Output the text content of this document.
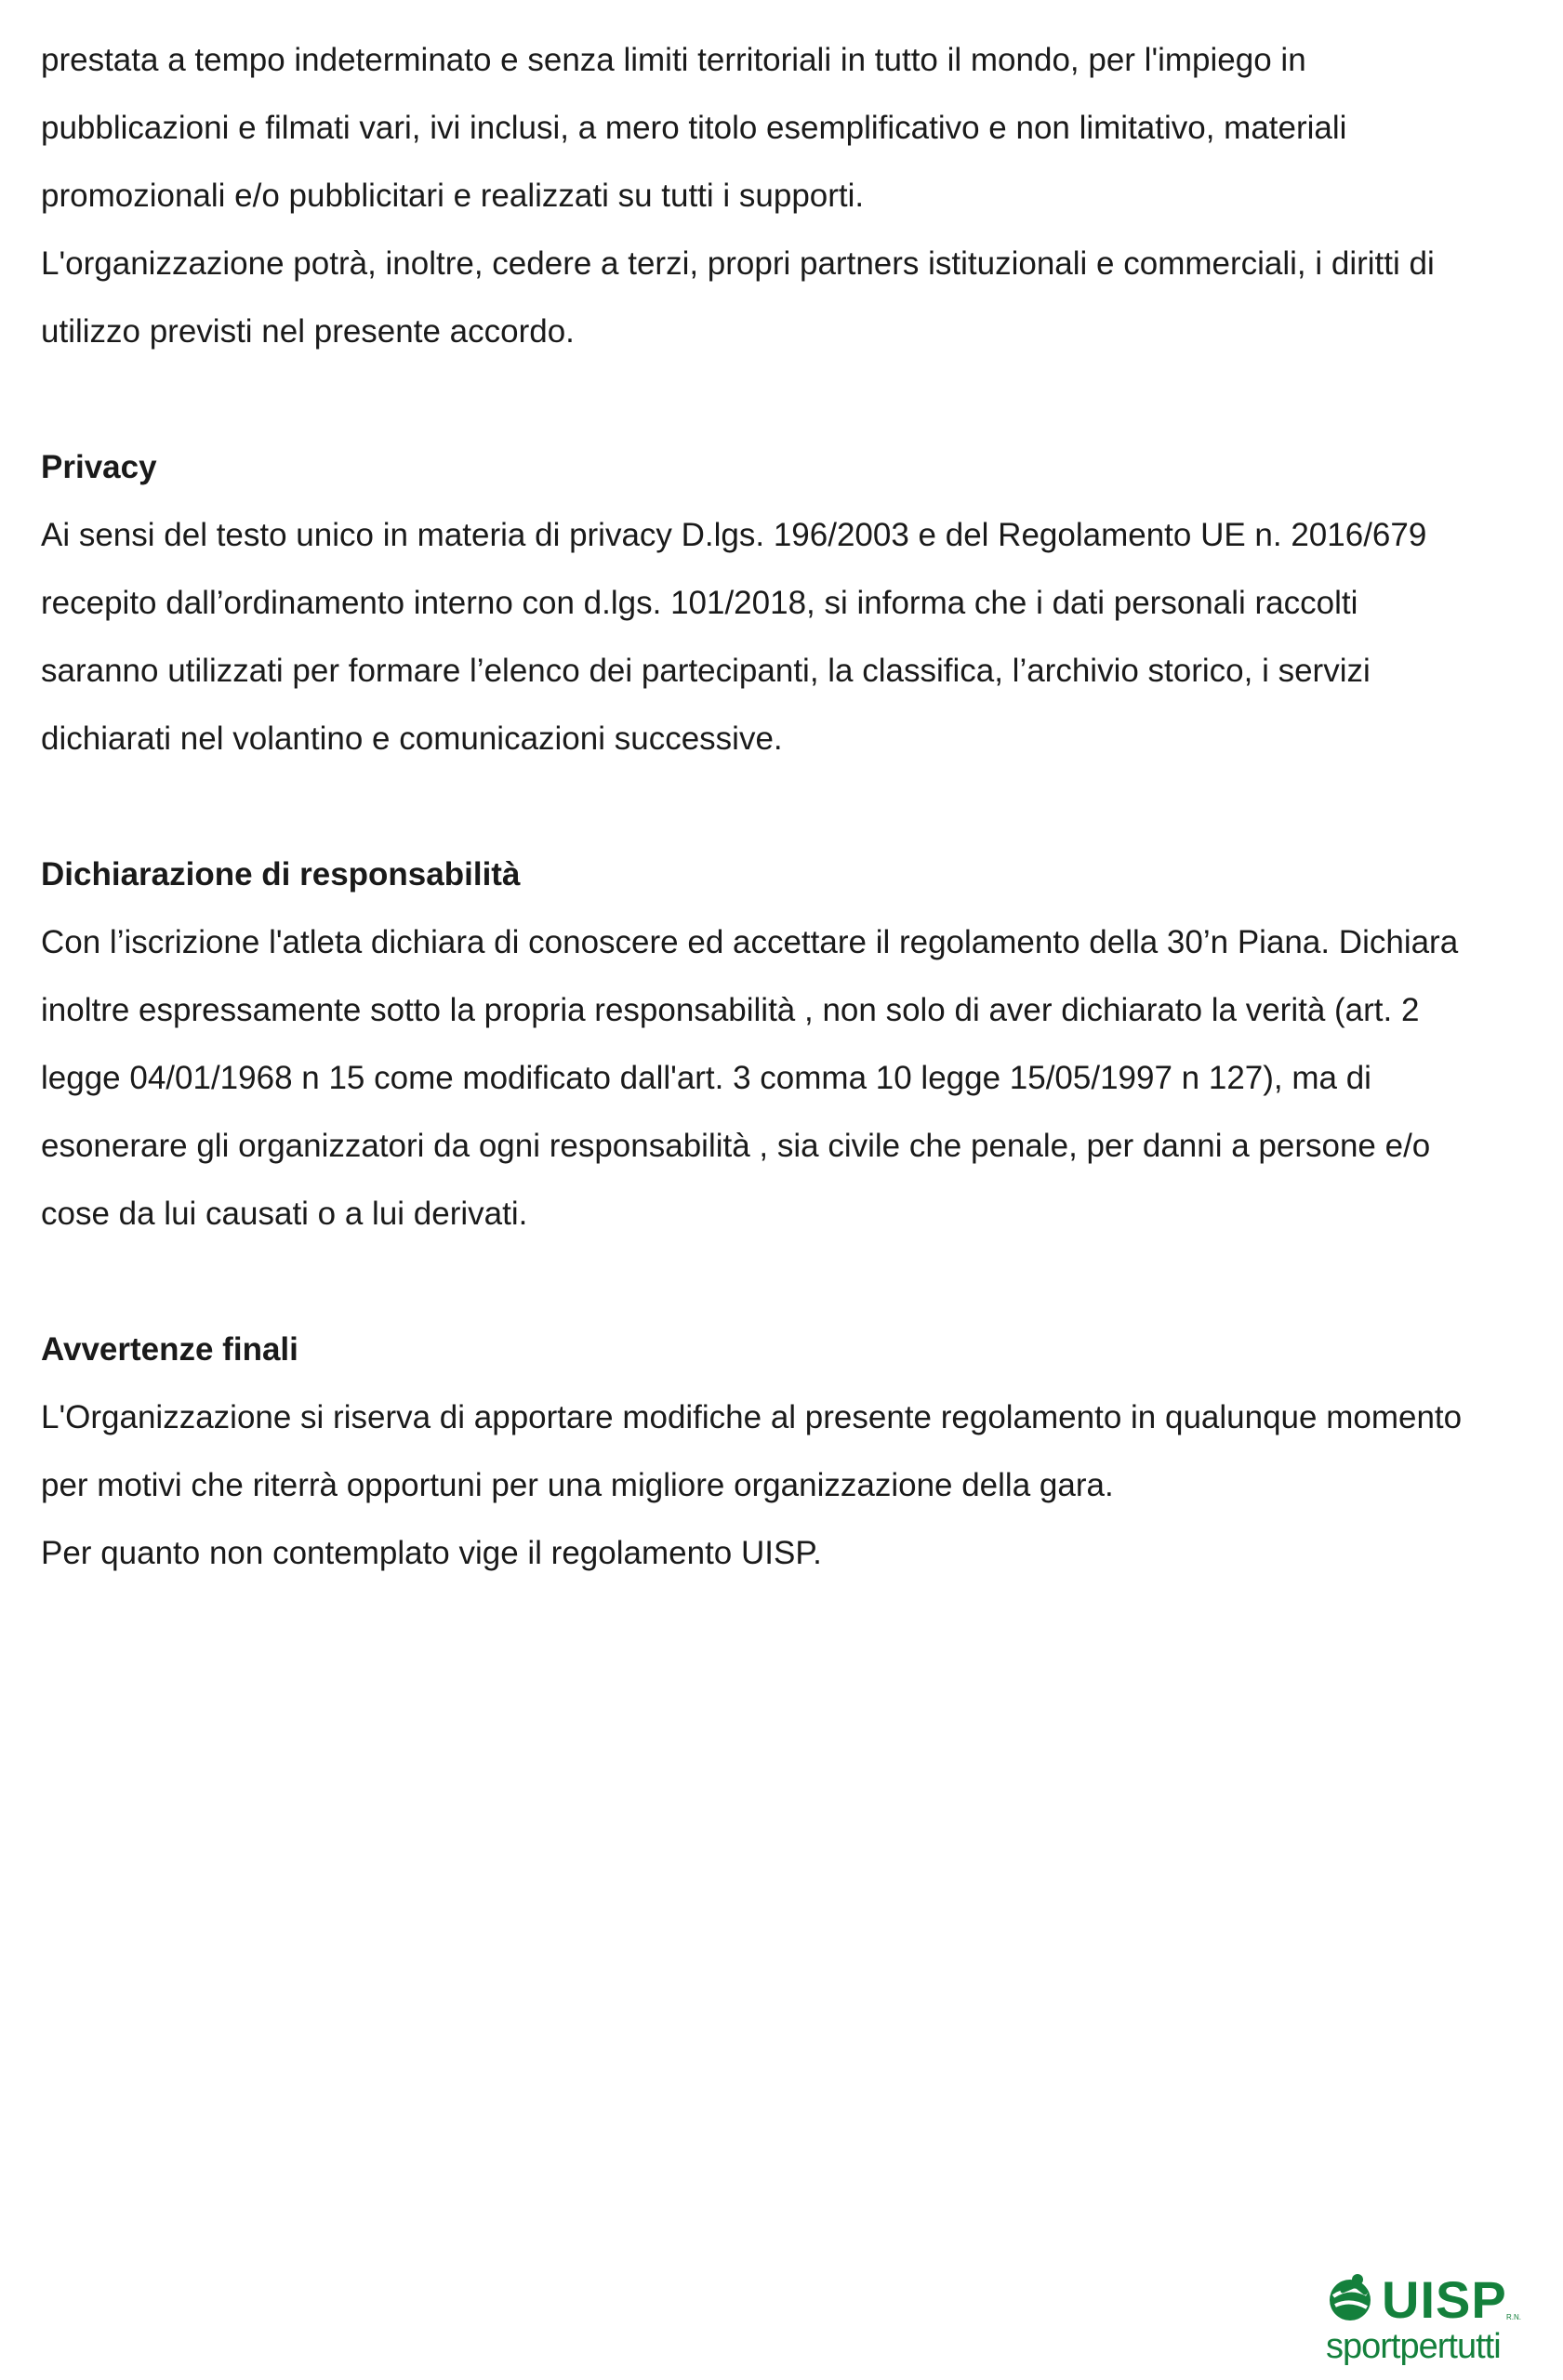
prestata a tempo indeterminato e senza limiti territoriali in tutto il mondo, per l'impiego in

pubblicazioni e filmati vari, ivi inclusi, a mero titolo esemplificativo e non limitativo, materiali

promozionali e/o pubblicitari e realizzati su tutti i supporti.

L'organizzazione potrà, inoltre, cedere a terzi, propri partners istituzionali e commerciali, i diritti di

utilizzo previsti nel presente accordo.

Privacy

Ai sensi del testo unico in materia di privacy D.lgs. 196/2003 e del Regolamento UE n. 2016/679

recepito dall’ordinamento interno con d.lgs. 101/2018, si informa che i dati personali raccolti

saranno utilizzati per formare l’elenco dei partecipanti, la classifica, l’archivio storico, i servizi

dichiarati nel volantino e comunicazioni successive.

Dichiarazione di responsabilità

Con l’iscrizione l'atleta dichiara di conoscere ed accettare il regolamento della 30’n Piana. Dichiara

inoltre espressamente sotto la propria responsabilità , non solo di aver dichiarato la verità (art. 2

legge 04/01/1968 n 15 come modificato dall'art. 3 comma 10 legge 15/05/1997 n 127), ma di

esonerare gli organizzatori da ogni responsabilità , sia civile che penale, per danni a persone e/o

cose da lui causati o a lui derivati.

Avvertenze finali

L'Organizzazione si riserva di apportare modifiche al presente regolamento in qualunque momento

per motivi che riterrà opportuni per una migliore organizzazione della gara.

Per quanto non contemplato vige il regolamento UISP.

UISP R.N.
sportpertutti
